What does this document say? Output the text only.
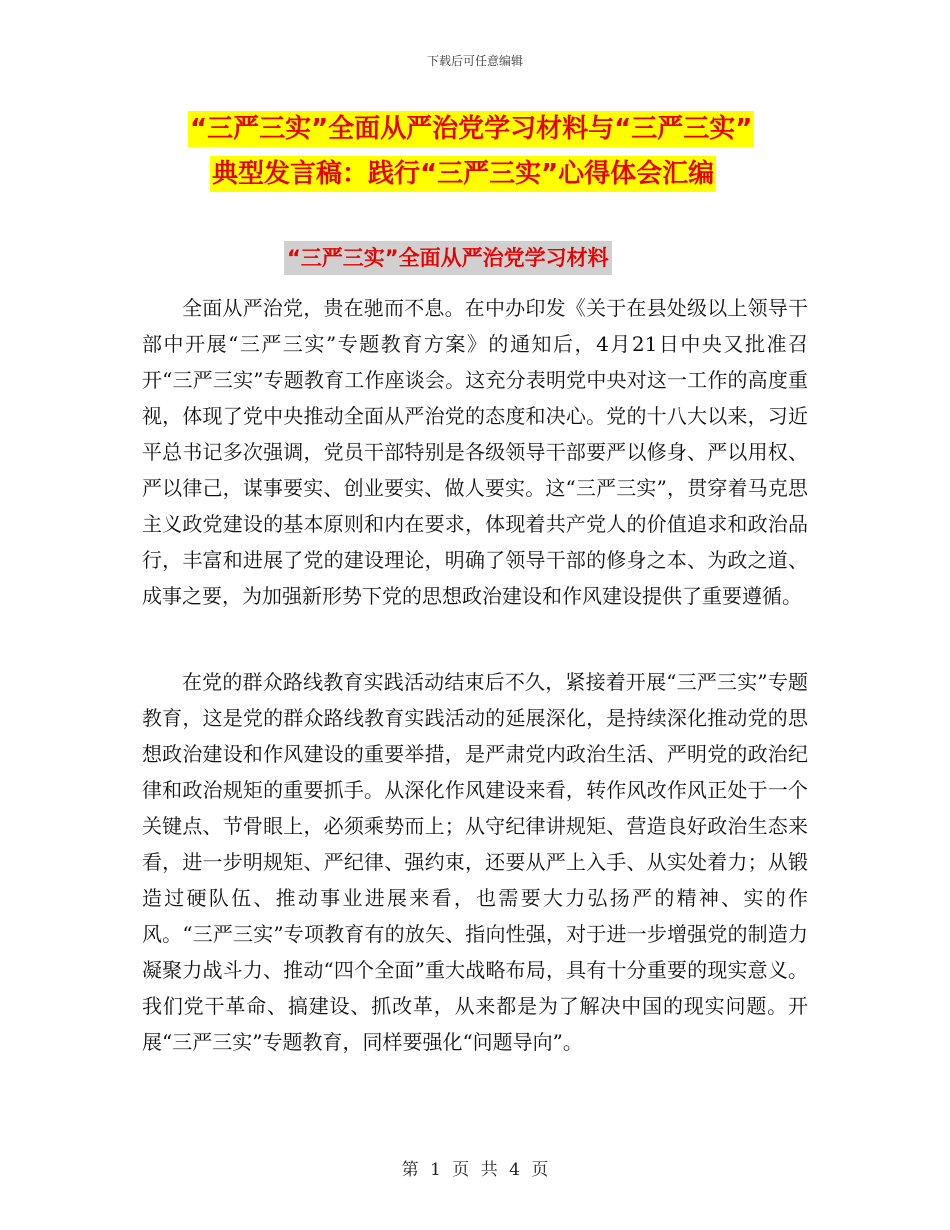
下载后可任意编辑
“三严三实”全面从严治党学习材料与“三严三实”
典型发言稿：践行“三严三实”心得体会汇编
“三严三实”全面从严治党学习材料

全面从严治党，贵在驰而不息。在中办印发《关于在县处级以上领导干部中开展“三严三实”专题教育方案》的通知后，4月21日中央又批准召开“三严三实”专题教育工作座谈会。这充分表明党中央对这一工作的高度重视，体现了党中央推动全面从严治党的态度和决心。党的十八大以来，习近平总书记多次强调，党员干部特别是各级领导干部要严以修身、严以用权、严以律己，谋事要实、创业要实、做人要实。这“三严三实”，贯穿着马克思主义政党建设的基本原则和内在要求，体现着共产党人的价值追求和政治品行，丰富和进展了党的建设理论，明确了领导干部的修身之本、为政之道、成事之要，为加强新形势下党的思想政治建设和作风建设提供了重要遵循。

在党的群众路线教育实践活动结束后不久，紧接着开展“三严三实”专题教育，这是党的群众路线教育实践活动的延展深化，是持续深化推动党的思想政治建设和作风建设的重要举措，是严肃党内政治生活、严明党的政治纪律和政治规矩的重要抓手。从深化作风建设来看，转作风改作风正处于一个关键点、节骨眼上，必须乘势而上；从守纪律讲规矩、营造良好政治生态来看，进一步明规矩、严纪律、强约束，还要从严上入手、从实处着力；从锻造过硬队伍、推动事业进展来看，也需要大力弘扬严的精神、实的作风。“三严三实”专项教育有的放矢、指向性强，对于进一步增强党的制造力凝聚力战斗力、推动“四个全面”重大战略布局，具有十分重要的现实意义。我们党干革命、搞建设、抓改革，从来都是为了解决中国的现实问题。开展“三严三实”专题教育，同样要强化“问题导向”。

第 1 页 共 4 页
